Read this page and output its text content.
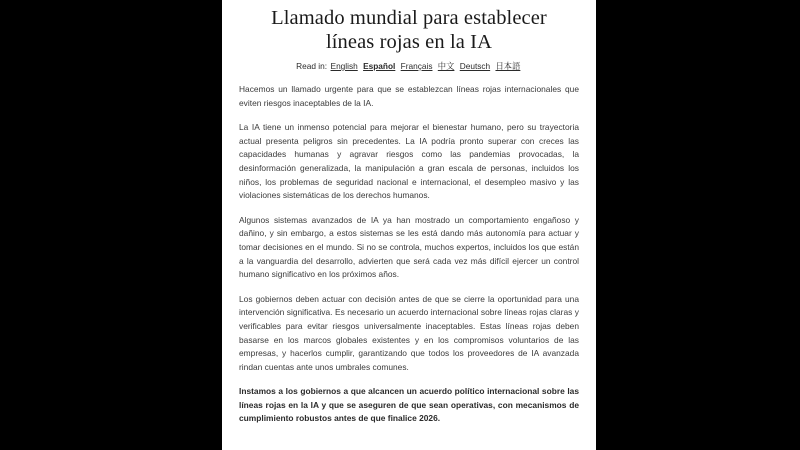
Llamado mundial para establecer
líneas rojas en la IA
Read in: English Español Français 中文 Deutsch 日本語

Hacemos un llamado urgente para que se establezcan líneas rojas internacionales que eviten riesgos inaceptables de la IA.

La IA tiene un inmenso potencial para mejorar el bienestar humano, pero su trayectoria actual presenta peligros sin precedentes. La IA podría pronto superar con creces las capacidades humanas y agravar riesgos como las pandemias provocadas, la desinformación generalizada, la manipulación a gran escala de personas, incluidos los niños, los problemas de seguridad nacional e internacional, el desempleo masivo y las violaciones sistemáticas de los derechos humanos.

Algunos sistemas avanzados de IA ya han mostrado un comportamiento engañoso y dañino, y sin embargo, a estos sistemas se les está dando más autonomía para actuar y tomar decisiones en el mundo. Si no se controla, muchos expertos, incluidos los que están a la vanguardia del desarrollo, advierten que será cada vez más difícil ejercer un control humano significativo en los próximos años.

Los gobiernos deben actuar con decisión antes de que se cierre la oportunidad para una intervención significativa. Es necesario un acuerdo internacional sobre líneas rojas claras y verificables para evitar riesgos universalmente inaceptables. Estas líneas rojas deben basarse en los marcos globales existentes y en los compromisos voluntarios de las empresas, y hacerlos cumplir, garantizando que todos los proveedores de IA avanzada rindan cuentas ante unos umbrales comunes.

Instamos a los gobiernos a que alcancen un acuerdo político internacional sobre las líneas rojas en la IA y que se aseguren de que sean operativas, con mecanismos de cumplimiento robustos antes de que finalice 2026.
